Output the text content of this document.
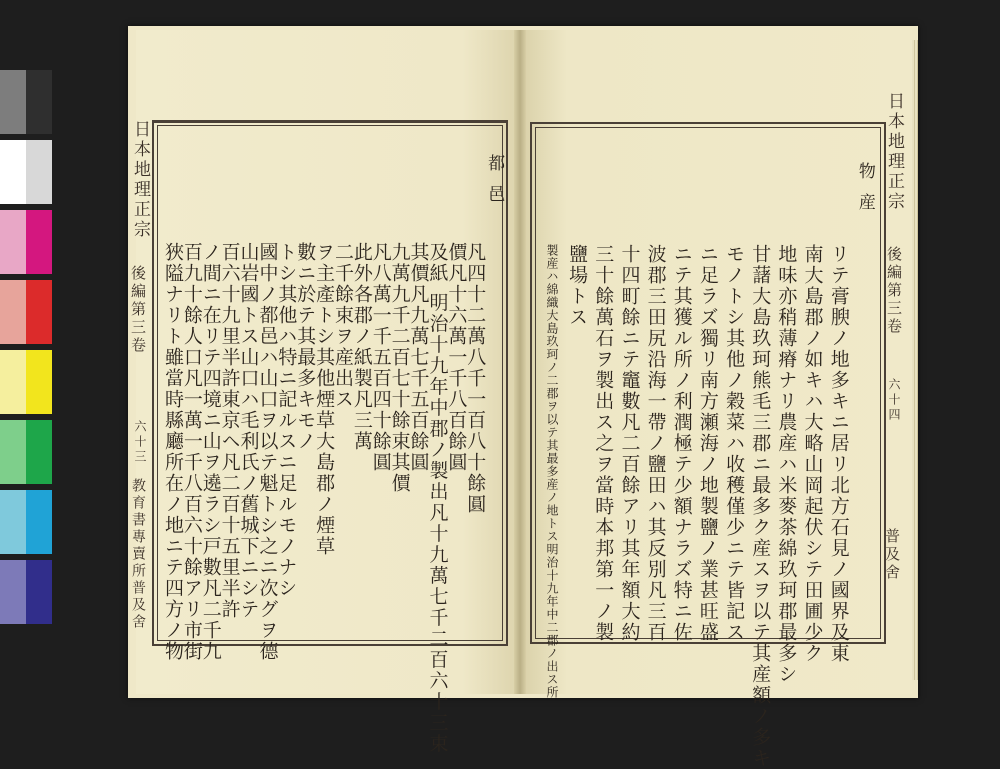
都邑
凡四十二萬八千一百八十餘圓
價凡十六萬一千八百餘圓
及紙 明治十九年中郡ノ製出凡十九萬七千二百六十三束
其價凡九萬七千五百餘圓
九萬九千二百七十餘束其價
凡八萬一千五百四十餘圓
此外各郡ノ紙製凡三萬
二千餘束ヲ産出ス
ヲ主產トシ其他煙草大島郡ノ煙草
數ニ於テ其最多キモノ
トシ其他ハ特ニ記ルスニ足ルモノナシ
國中ノ都邑ハ山口ヲ以テ魁トシ之ニ次グヲ德
山岩國トス山口ハ毛利氏ノ舊城下ニシテ
百六十九里半許東京ヘ凡二百十五里半許
ノ間ニ在リテ四境ニ山ヲ遶ラシ戸數凡二千九
百九十餘人口凡一萬一千八百六十餘アリ市街
狹隘ナリト雖當時縣廳所在ノ地ニテ四方ノ物
日本地理正宗
後編第三卷
六十三
教育書專賣所普及舍
物産
リテ膏腴ノ地多キニ居リ北方石見ノ國界及東
南大島郡ノ如キハ大略山岡起伏シテ田圃少ク
地味亦稍薄瘠ナリ農産ハ米麥茶綿玖珂郡最多シ
甘藷大島玖珂熊毛三郡ニ最多ク産スヲ以テ其産額ノ多キ
モノトシ其他ノ穀菜ハ收穫僅少ニテ皆記ス
ニ足ラズ獨リ南方瀬海ノ地製鹽ノ業甚旺盛
ニテ其獲ル所ノ利潤極テ少額ナラズ特ニ佐
波郡三田尻沿海一帶ノ鹽田ハ其反別凡三百
十四町餘ニテ竈數凡二百餘アリ其年額大約
三十餘萬石ヲ製出ス之ヲ當時本邦第一ノ製
鹽場トス
製産ハ綿織大島玖珂ノ二郡ヲ以テ其最多産ノ地トス明治十九年中二郡ノ出ス所
日本地理正宗
後編第三卷
六十四
普及舍
